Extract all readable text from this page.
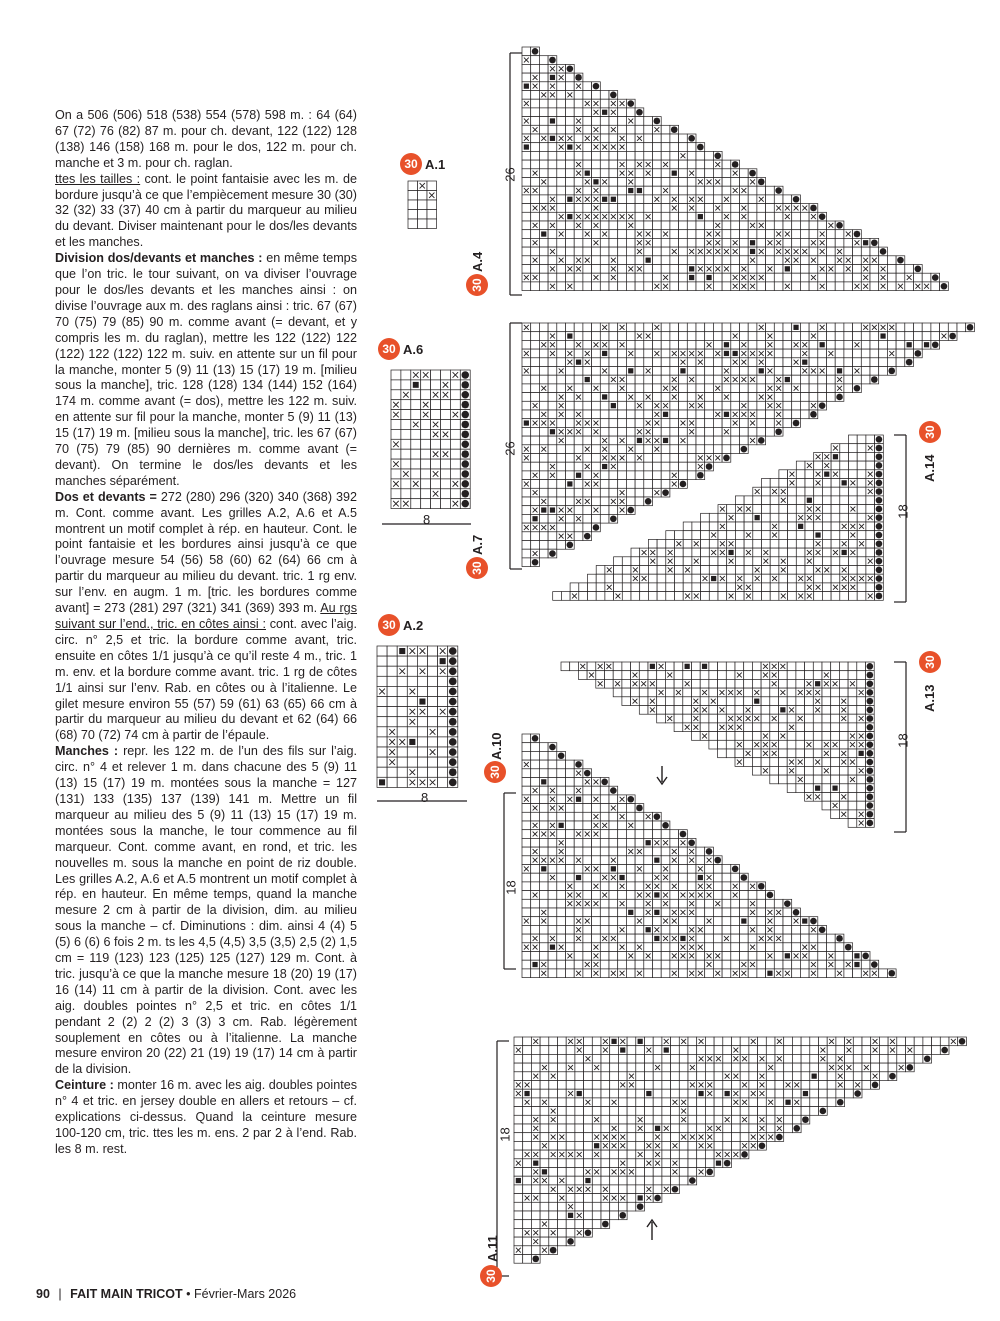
On a 506 (506) 518 (538) 554 (578) 598 m. : 64 (64) 67 (72) 76 (82) 87 m. pour ch. devant, 122 (122) 128 (138) 146 (158) 168 m. pour le dos, 122 m. pour ch. manche et 3 m. pour ch. raglan.

ttes les tailles : cont. le point fantaisie avec les m. de bordure jusqu’à ce que l’empiècement mesure 30 (30) 32 (32) 33 (37) 40 cm à partir du marqueur au milieu du devant. Diviser maintenant pour le dos/les devants et les manches.

Division dos/devants et manches : en même temps que l’on tric. le tour suivant, on va diviser l’ouvrage pour le dos/les devants et les manches ainsi : on divise l’ouvrage aux m. des raglans ainsi : tric. 67 (67) 70 (75) 79 (85) 90 m. comme avant (= devant, et y compris les m. du raglan), mettre les 122 (122) 122 (122) 122 (122) 122 m. suiv. en attente sur un fil pour la manche, monter 5 (9) 11 (13) 15 (17) 19 m. [milieu sous la manche], tric. 128 (128) 134 (144) 152 (164) 174 m. comme avant (= dos), mettre les 122 m. suiv. en attente sur fil pour la manche, monter 5 (9) 11 (13) 15 (17) 19 m. [milieu sous la manche], tric. les 67 (67) 70 (75) 79 (85) 90 dernières m. comme avant (= devant). On termine le dos/les devants et les manches séparément.

Dos et devants = 272 (280) 296 (320) 340 (368) 392 m. Cont. comme avant. Les grilles A.2, A.6 et A.5 montrent un motif complet à rép. en hauteur. Cont. le point fantaisie et les bordures ainsi jusqu’à ce que l’ouvrage mesure 54 (56) 58 (60) 62 (64) 66 cm à partir du marqueur au milieu du devant. tric. 1 rg env. sur l’env. en augm. 1 m. [tric. les bordures comme avant] = 273 (281) 297 (321) 341 (369) 393 m. Au rgs suivant sur l’end., tric. en côtes ainsi : cont. avec l’aig. circ. n° 2,5 et tric. la bordure comme avant, tric. ensuite en côtes 1/1 jusqu’à ce qu’il reste 4 m., tric. 1 m. env. et la bordure comme avant. tric. 1 rg de côtes 1/1 ainsi sur l’env. Rab. en côtes ou à l’italienne. Le gilet mesure environ 55 (57) 59 (61) 63 (65) 66 cm à partir du marqueur au milieu du devant et 62 (64) 66 (68) 70 (72) 74 cm à partir de l’épaule.

Manches : repr. les 122 m. de l’un des fils sur l’aig. circ. n° 4 et relever 1 m. dans chacune des 5 (9) 11 (13) 15 (17) 19 m. montées sous la manche = 127 (131) 133 (135) 137 (139) 141 m. Mettre un fil marqueur au milieu des 5 (9) 11 (13) 15 (17) 19 m. montées sous la manche, le tour commence au fil marqueur. Cont. comme avant, en rond, et tric. les nouvelles m. sous la manche en point de riz double. Les grilles A.2, A.6 et A.5 montrent un motif complet à rép. en hauteur. En même temps, quand la manche mesure 2 cm à partir de la division, dim. au milieu sous la manche – cf. Diminutions : dim. ainsi 4 (4) 5 (5) 6 (6) 6 fois 2 m. ts les 4,5 (4,5) 3,5 (3,5) 2,5 (2) 1,5 cm = 119 (123) 123 (125) 125 (127) 129 m. Cont. à tric. jusqu’à ce que la manche mesure 18 (20) 19 (17) 16 (14) 11 cm à partir de la division. Cont. avec les aig. doubles pointes n° 2,5 et tric. en côtes 1/1 pendant 2 (2) 2 (2) 3 (3) 3 cm. Rab. légèrement souplement en côtes ou à l’italienne. La manche mesure environ 20 (22) 21 (19) 19 (17) 14 cm à partir de la division.

Ceinture : monter 16 m. avec les aig. doubles pointes n° 4 et tric. en jersey double en allers et retours – cf. explications ci-dessus. Quand la ceinture mesure 100-120 cm, tric. ttes les m. ens. 2 par 2 à l’end. Rab. les 8 m. rest.

30 A.1
30 A.6
30 A.2
30
A.4
30
A.7
30
A.14
30
A.13
30
A.10
30
A.11
8
8
26
26
18
18
18
18
90 | FAIT MAIN TRICOT • Février-Mars 2026
